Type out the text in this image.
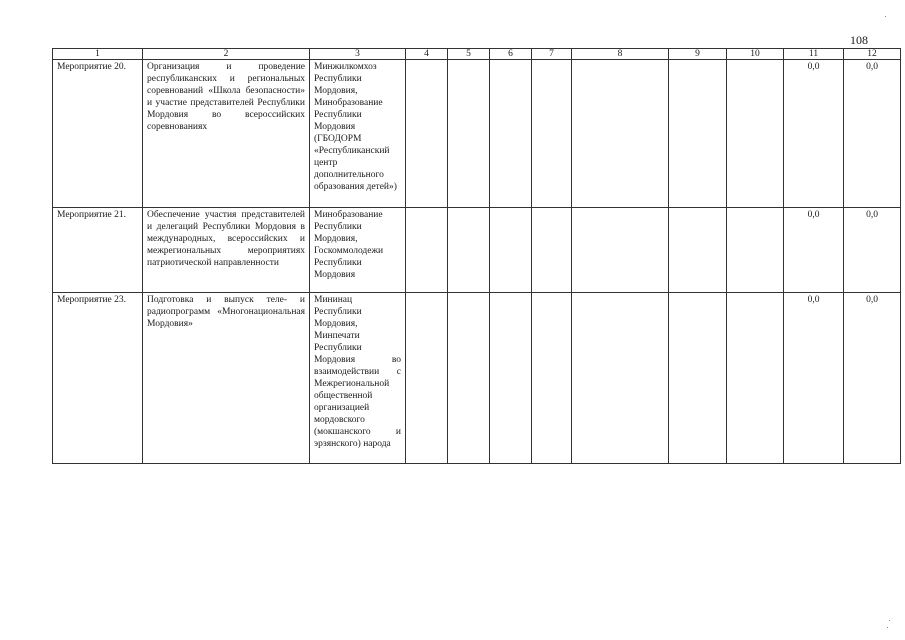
108
1	2	3	4	5	6	7	8	9	10	11	12
Мероприятие 20.	Организация и проведение республиканских и региональных соревнований «Школа безопасности» и участие представителей Республики Мордовия во всероссийских соревнованиях	Минжилкомхоз Республики Мордовия, Минобразование Республики Мордовия (ГБОДОРМ «Республиканский центр дополнительного образования детей»)								0,0	0,0
Мероприятие 21.	Обеспечение участия представителей и делегаций Республики Мордовия в международных, всероссийских и межрегиональных мероприятиях патриотической направленности	Минобразование Республики Мордовия, Госкоммолодежи Республики Мордовия								0,0	0,0
Мероприятие 23.	Подготовка и выпуск теле- и радиопрограмм «Многонациональная Мордовия»	Мининац Республики Мордовия, Минпечати Республики Мордовия во взаимодействии с Межрегиональной общественной организацией мордовского (мокшанского и эрзянского) народа								0,0	0,0
